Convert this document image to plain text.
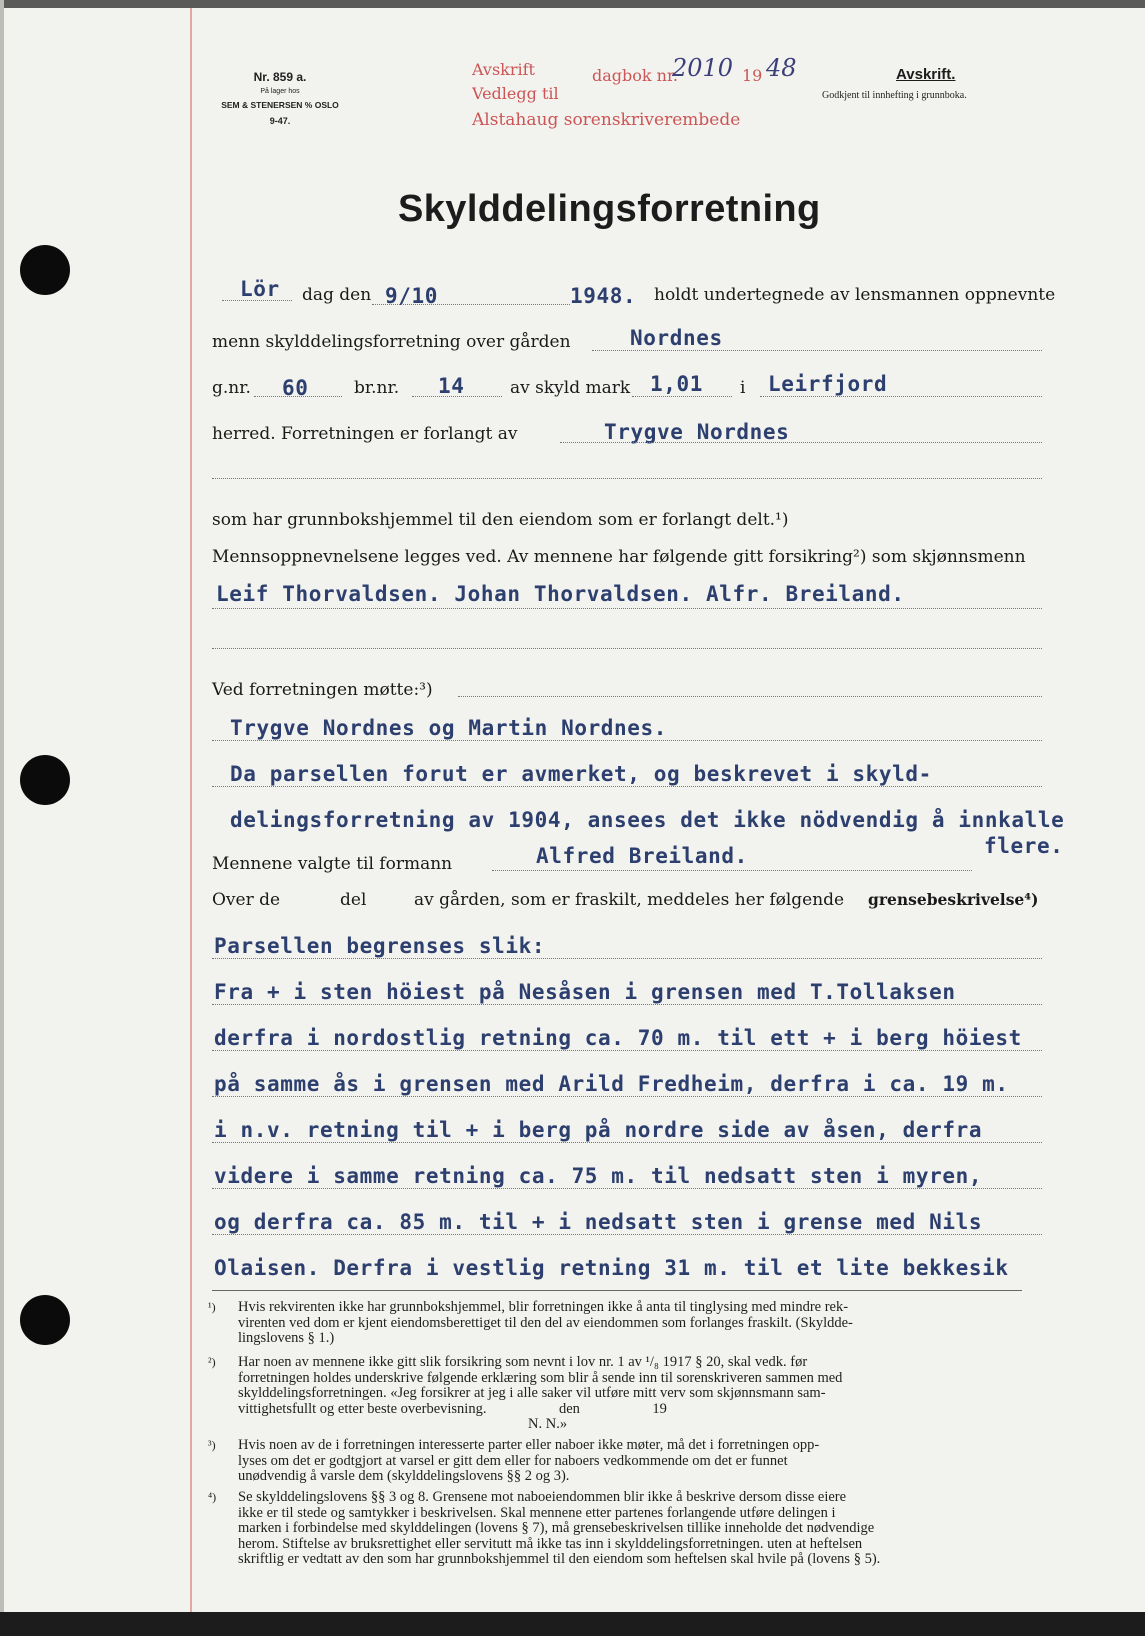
Nr. 859 a.
På lager hos
SEM & STENERSEN % OSLO
9-47.
Avskrift
Vedlegg til
Alstahaug sorenskriverembede
dagbok nr.
2010 19 48	Avskrift.
Godkjent til innhefting i grunnboka.
Skylddelingsforretning
Lör dag den 9/10	1948. holdt undertegnede av lensmannen oppnevnte
menn skylddelingsforretning over gården	Nordnes
g.nr. 60	br.nr. 14	av skyld mark 1,01 i Leirfjord
herred. Forretningen er forlangt av	Trygve Nordnes
som har grunnbokshjemmel til den eiendom som er forlangt delt.¹)
Mennsoppnevnelsene legges ved. Av mennene har følgende gitt forsikring²) som skjønnsmenn
Leif Thorvaldsen. Johan Thorvaldsen. Alfr. Breiland.
Ved forretningen møtte:³)
Trygve Nordnes og Martin Nordnes.
Da parsellen forut er avmerket, og beskrevet i skyld-
delingsforretning av 1904, ansees det ikke nödvendig å innkalle
flere.
Mennene valgte til formann	Alfred Breiland.
Over de	del	av gården, som er fraskilt, meddeles her følgende grensebeskrivelse⁴)
Parsellen begrenses slik:
Fra + i sten höiest på Nesåsen i grensen med T.Tollaksen
derfra i nordostlig retning ca. 70 m. til ett + i berg höiest
på samme ås i grensen med Arild Fredheim, derfra i ca. 19 m.
i n.v. retning til + i berg på nordre side av åsen, derfra
videre i samme retning ca. 75 m. til nedsatt sten i myren,
og derfra ca. 85 m. til + i nedsatt sten i grense med Nils
Olaisen. Derfra i vestlig retning 31 m. til et lite bekkesik
¹) Hvis rekvirenten ikke har grunnbokshjemmel, blir forretningen ikke å anta til tinglysing med mindre rek-
virenten ved dom er kjent eiendomsberettiget til den del av eiendommen som forlanges fraskilt. (Skyldde-
lingslovens § 1.)
²) Har noen av mennene ikke gitt slik forsikring som nevnt i lov nr. 1 av ¹/₈ 1917 § 20, skal vedk. før
forretningen holdes underskrive følgende erklæring som blir å sende inn til sorenskriveren sammen med
skylddelingsforretningen. «Jeg forsikrer at jeg i alle saker vil utføre mitt verv som skjønnsmann sam-
vittighetsfullt og etter beste overbevisning.                    den                    19
N. N.»
³) Hvis noen av de i forretningen interesserte parter eller naboer ikke møter, må det i forretningen opp-
lyses om det er godtgjort at varsel er gitt dem eller for naboers vedkommende om det er funnet
unødvendig å varsle dem (skylddelingslovens §§ 2 og 3).
⁴) Se skylddelingslovens §§ 3 og 8. Grensene mot naboeiendommen blir ikke å beskrive dersom disse eiere
ikke er til stede og samtykker i beskrivelsen. Skal mennene etter partenes forlangende utføre delingen i
marken i forbindelse med skylddelingen (lovens § 7), må grensebeskrivelsen tillike inneholde det nødvendige
herom. Stiftelse av bruksrettighet eller servitutt må ikke tas inn i skylddelingsforretningen. uten at heftelsen
skriftlig er vedtatt av den som har grunnbokshjemmel til den eiendom som heftelsen skal hvile på (lovens § 5).
